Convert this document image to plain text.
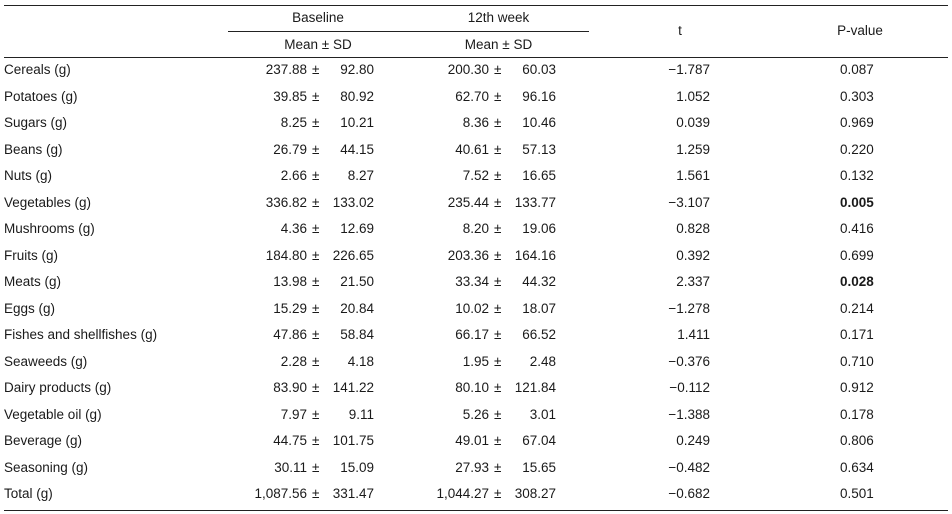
Baseline	12th week
Mean ± SD	Mean ± SD
t	P-value
Cereals (g)	237.88 ±	92.80	200.30 ±	60.03	−1.787	0.087
Potatoes (g)	39.85 ±	80.92	62.70 ±	96.16	1.052	0.303
Sugars (g)	8.25 ±	10.21	8.36 ±	10.46	0.039	0.969
Beans (g)	26.79 ±	44.15	40.61 ±	57.13	1.259	0.220
Nuts (g)	2.66 ±	8.27	7.52 ±	16.65	1.561	0.132
Vegetables (g)	336.82 ± 133.02	235.44 ± 133.77	−3.107	0.005
Mushrooms (g)	4.36 ±	12.69	8.20 ±	19.06	0.828	0.416
Fruits (g)	184.80 ± 226.65	203.36 ± 164.16	0.392	0.699
Meats (g)	13.98 ±	21.50	33.34 ±	44.32	2.337	0.028
Eggs (g)	15.29 ±	20.84	10.02 ±	18.07	−1.278	0.214
Fishes and shellfishes (g)	47.86 ±	58.84	66.17 ±	66.52	1.411	0.171
Seaweeds (g)	2.28 ±	4.18	1.95 ±	2.48	−0.376	0.710
Dairy products (g)	83.90 ± 141.22	80.10 ± 121.84	−0.112	0.912
Vegetable oil (g)	7.97 ±	9.11	5.26 ±	3.01	−1.388	0.178
Beverage (g)	44.75 ± 101.75	49.01 ±	67.04	0.249	0.806
Seasoning (g)	30.11 ±	15.09	27.93 ±	15.65	−0.482	0.634
Total (g)	1,087.56 ± 331.47	1,044.27 ± 308.27	−0.682	0.501
